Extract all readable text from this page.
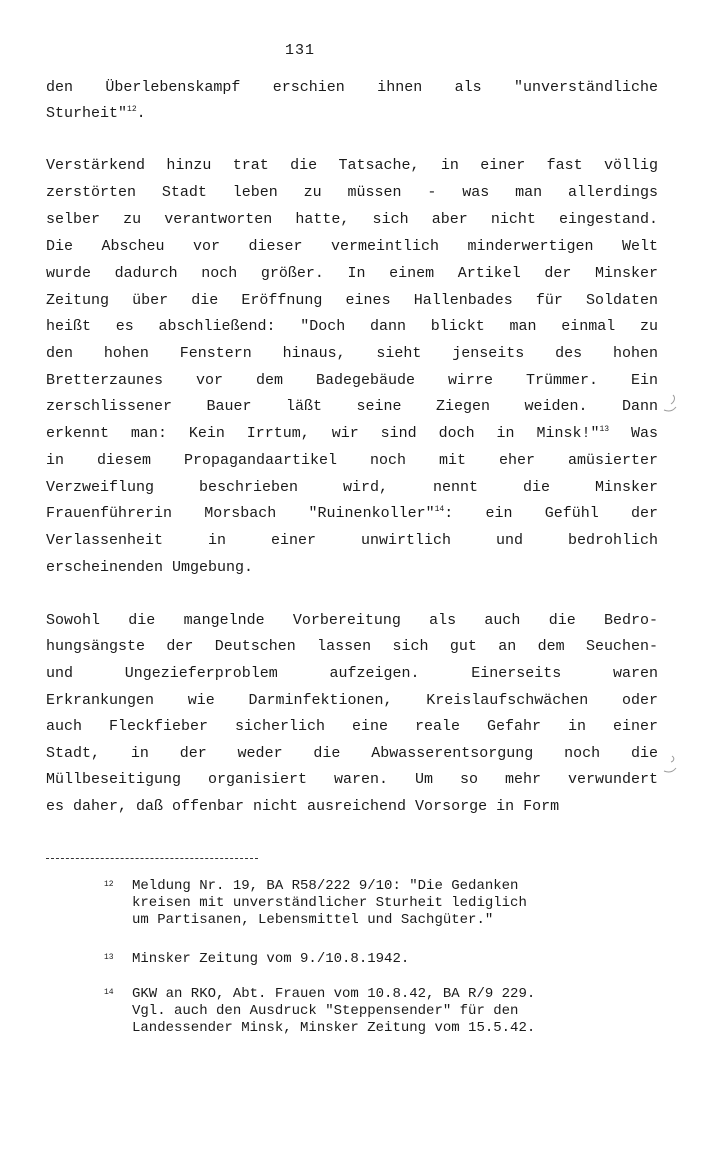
131
den Überlebenskampf erschien ihnen als "unverständliche
Sturheit"$^{12}$.
Verstärkend hinzu trat die Tatsache, in einer fast völlig
zerstörten Stadt leben zu müssen - was man allerdings
selber zu verantworten hatte, sich aber nicht eingestand.
Die Abscheu vor dieser vermeintlich minderwertigen Welt
wurde dadurch noch größer. In einem Artikel der Minsker
Zeitung über die Eröffnung eines Hallenbades für Soldaten
heißt es abschließend: "Doch dann blickt man einmal zu
den hohen Fenstern hinaus, sieht jenseits des hohen
Bretterzaunes vor dem Badegebäude wirre Trümmer. Ein
zerschlissener Bauer läßt seine Ziegen weiden. Dann
erkennt man: Kein Irrtum, wir sind doch in Minsk!"$^{13}$ Was
in diesem Propagandaartikel noch mit eher amüsierter
Verzweiflung beschrieben wird, nennt die Minsker
Frauenführerin Morsbach "Ruinenkoller"$^{14}$: ein Gefühl der
Verlassenheit in einer unwirtlich und bedrohlich
erscheinenden Umgebung.
Sowohl die mangelnde Vorbereitung als auch die Bedro-
hungsängste der Deutschen lassen sich gut an dem Seuchen-
und Ungezieferproblem aufzeigen. Einerseits waren
Erkrankungen wie Darminfektionen, Kreislaufschwächen oder
auch Fleckfieber sicherlich eine reale Gefahr in einer
Stadt, in der weder die Abwasserentsorgung noch die
Müllbeseitigung organisiert waren. Um so mehr verwundert
es daher, daß offenbar nicht ausreichend Vorsorge in Form
12 Meldung Nr. 19, BA R58/222 9/10: "Die Gedanken
kreisen mit unverständlicher Sturheit lediglich
um Partisanen, Lebensmittel und Sachgüter."
13 Minsker Zeitung vom 9./10.8.1942.
14 GKW an RKO, Abt. Frauen vom 10.8.42, BA R/9 229.
Vgl. auch den Ausdruck "Steppensender" für den
Landessender Minsk, Minsker Zeitung vom 15.5.42.
